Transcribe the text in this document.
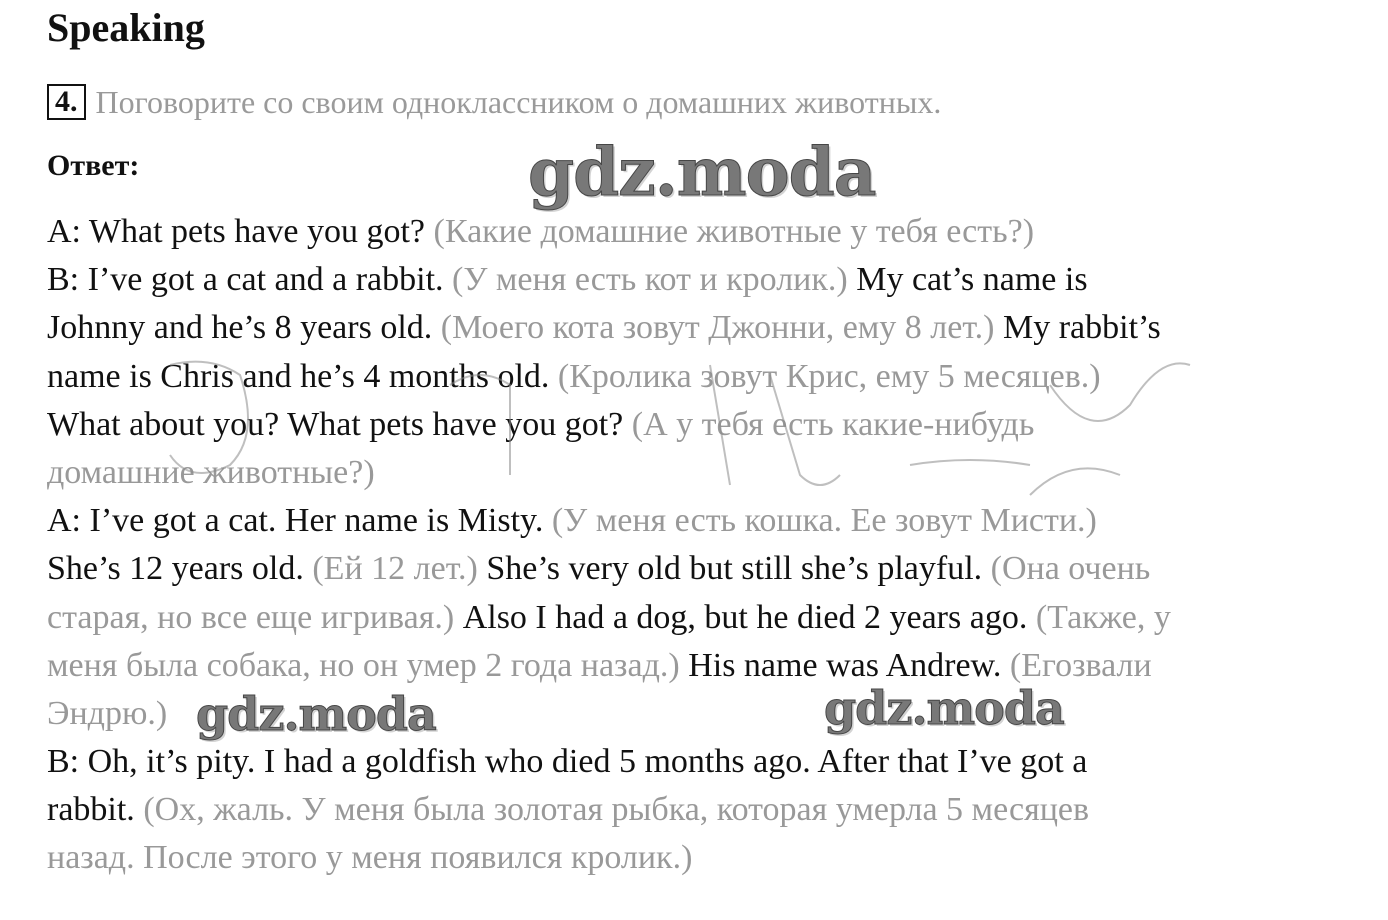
Speaking
4. Поговорите со своим одноклассником о домашних животных.
Ответ:
A: What pets have you got? (Какие домашние животные у тебя есть?)
B: I’ve got a cat and a rabbit. (У меня есть кот и кролик.) My cat’s name is
Johnny and he’s 8 years old. (Моего кота зовут Джонни, ему 8 лет.) My rabbit’s
name is Chris and he’s 4 months old. (Кролика зовут Крис, ему 5 месяцев.)
What about you? What pets have you got? (А у тебя есть какие-нибудь
домашние животные?)
A: I’ve got a cat. Her name is Misty. (У меня есть кошка. Ее зовут Мисти.)
She’s 12 years old. (Ей 12 лет.) She’s very old but still she’s playful. (Она очень
старая, но все еще игривая.) Also I had a dog, but he died 2 years ago. (Также, у
меня была собака, но он умер 2 года назад.) His name was Andrew. (Егозвали
Эндрю.)
B: Oh, it’s pity. I had a goldfish who died 5 months ago. After that I’ve got a
rabbit. (Ох, жаль. У меня была золотая рыбка, которая умерла 5 месяцев
назад. После этого у меня появился кролик.)
gdz.moda
gdz.moda	gdz.moda
